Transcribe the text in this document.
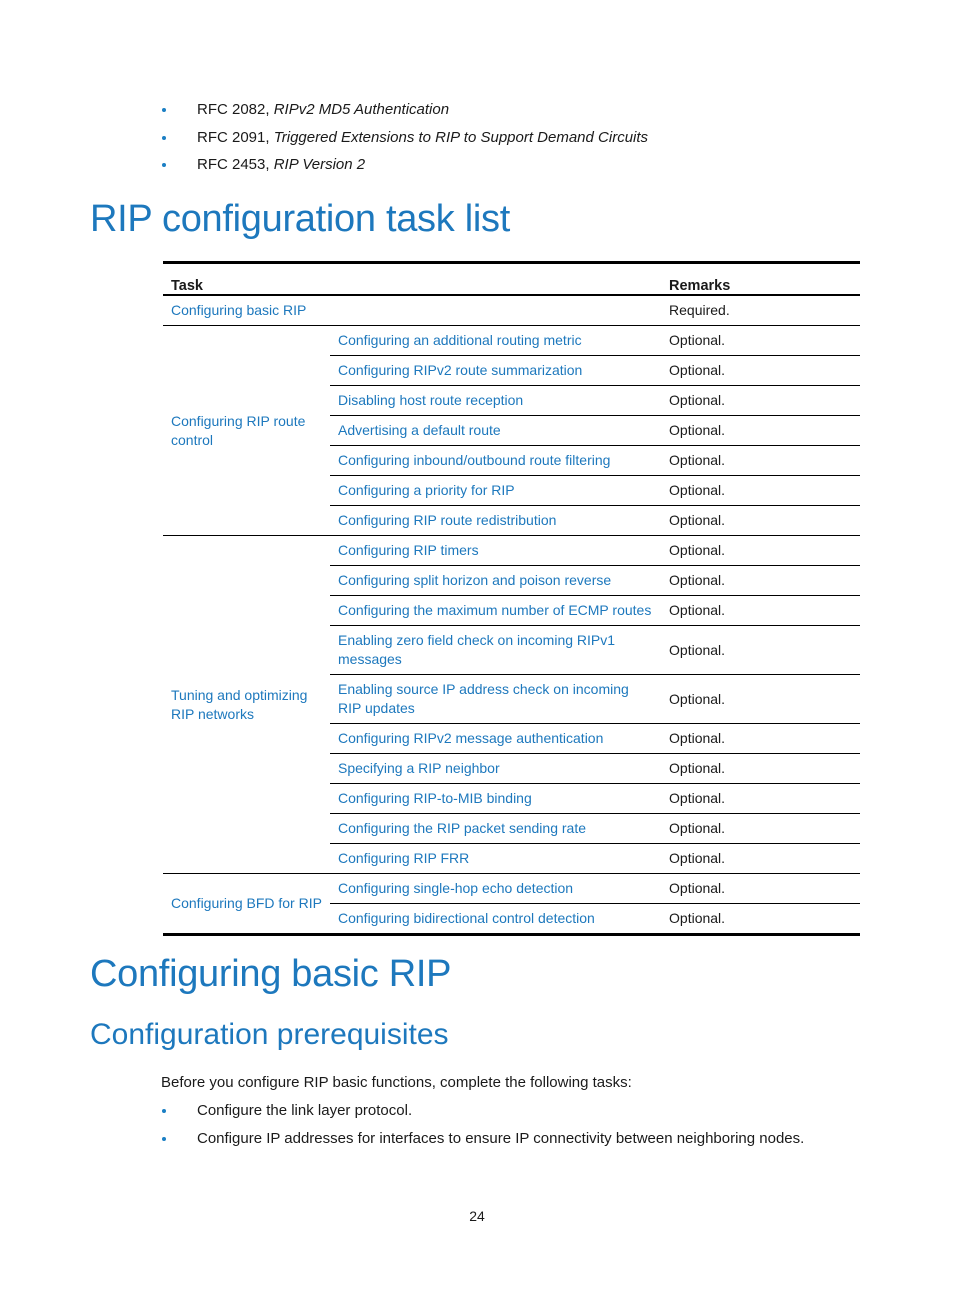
RFC 2082, RIPv2 MD5 Authentication
RFC 2091, Triggered Extensions to RIP to Support Demand Circuits
RFC 2453, RIP Version 2
RIP configuration task list
Task		Remarks
Configuring basic RIP		Required.
Configuring RIP route control	Configuring an additional routing metric	Optional.
	Configuring RIPv2 route summarization	Optional.
	Disabling host route reception	Optional.
	Advertising a default route	Optional.
	Configuring inbound/outbound route filtering	Optional.
	Configuring a priority for RIP	Optional.
	Configuring RIP route redistribution	Optional.
Tuning and optimizing RIP networks	Configuring RIP timers	Optional.
	Configuring split horizon and poison reverse	Optional.
	Configuring the maximum number of ECMP routes	Optional.
	Enabling zero field check on incoming RIPv1 messages	Optional.
	Enabling source IP address check on incoming RIP updates	Optional.
	Configuring RIPv2 message authentication	Optional.
	Specifying a RIP neighbor	Optional.
	Configuring RIP-to-MIB binding	Optional.
	Configuring the RIP packet sending rate	Optional.
	Configuring RIP FRR	Optional.
Configuring BFD for RIP	Configuring single-hop echo detection	Optional.
	Configuring bidirectional control detection	Optional.
Configuring basic RIP
Configuration prerequisites

Before you configure RIP basic functions, complete the following tasks:

Configure the link layer protocol.
Configure IP addresses for interfaces to ensure IP connectivity between neighboring nodes.
24
